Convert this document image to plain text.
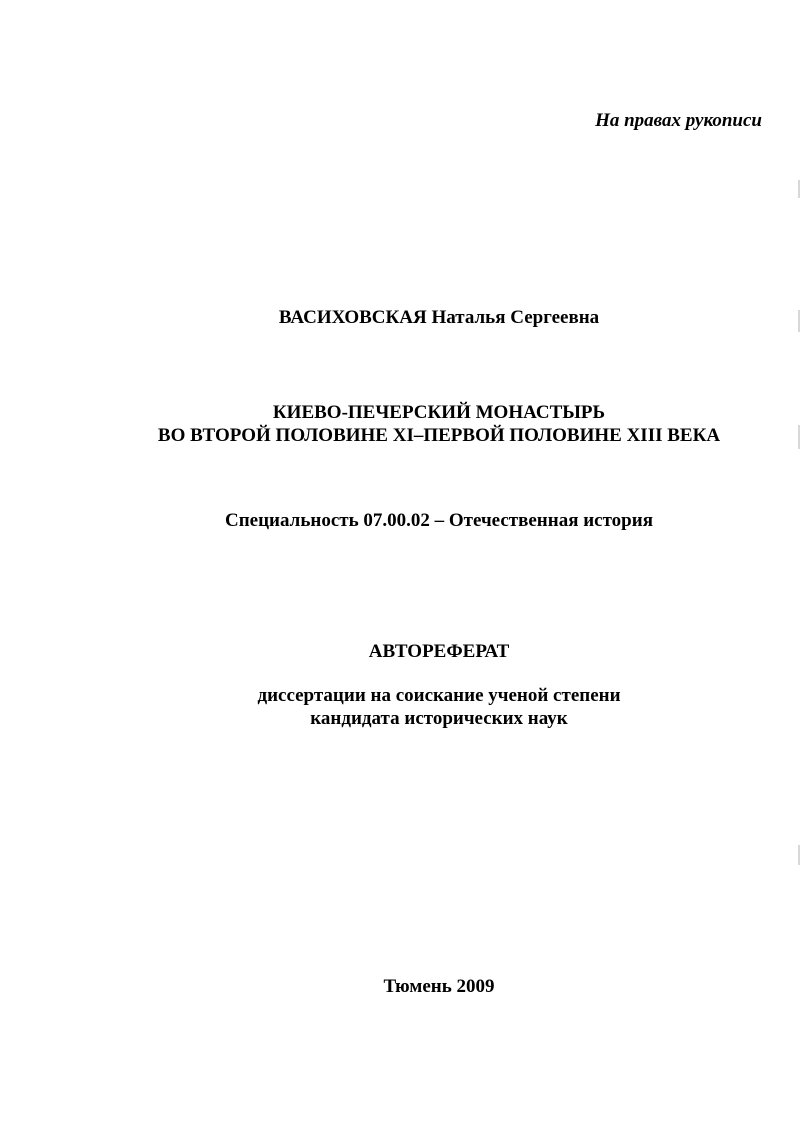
На правах рукописи
ВАСИХОВСКАЯ Наталья Сергеевна
КИЕВО-ПЕЧЕРСКИЙ МОНАСТЫРЬ
ВО ВТОРОЙ ПОЛОВИНЕ XI–ПЕРВОЙ ПОЛОВИНЕ XIII ВЕКА
Специальность 07.00.02 – Отечественная история
АВТОРЕФЕРАТ
диссертации на соискание ученой степени
кандидата исторических наук
Тюмень 2009
